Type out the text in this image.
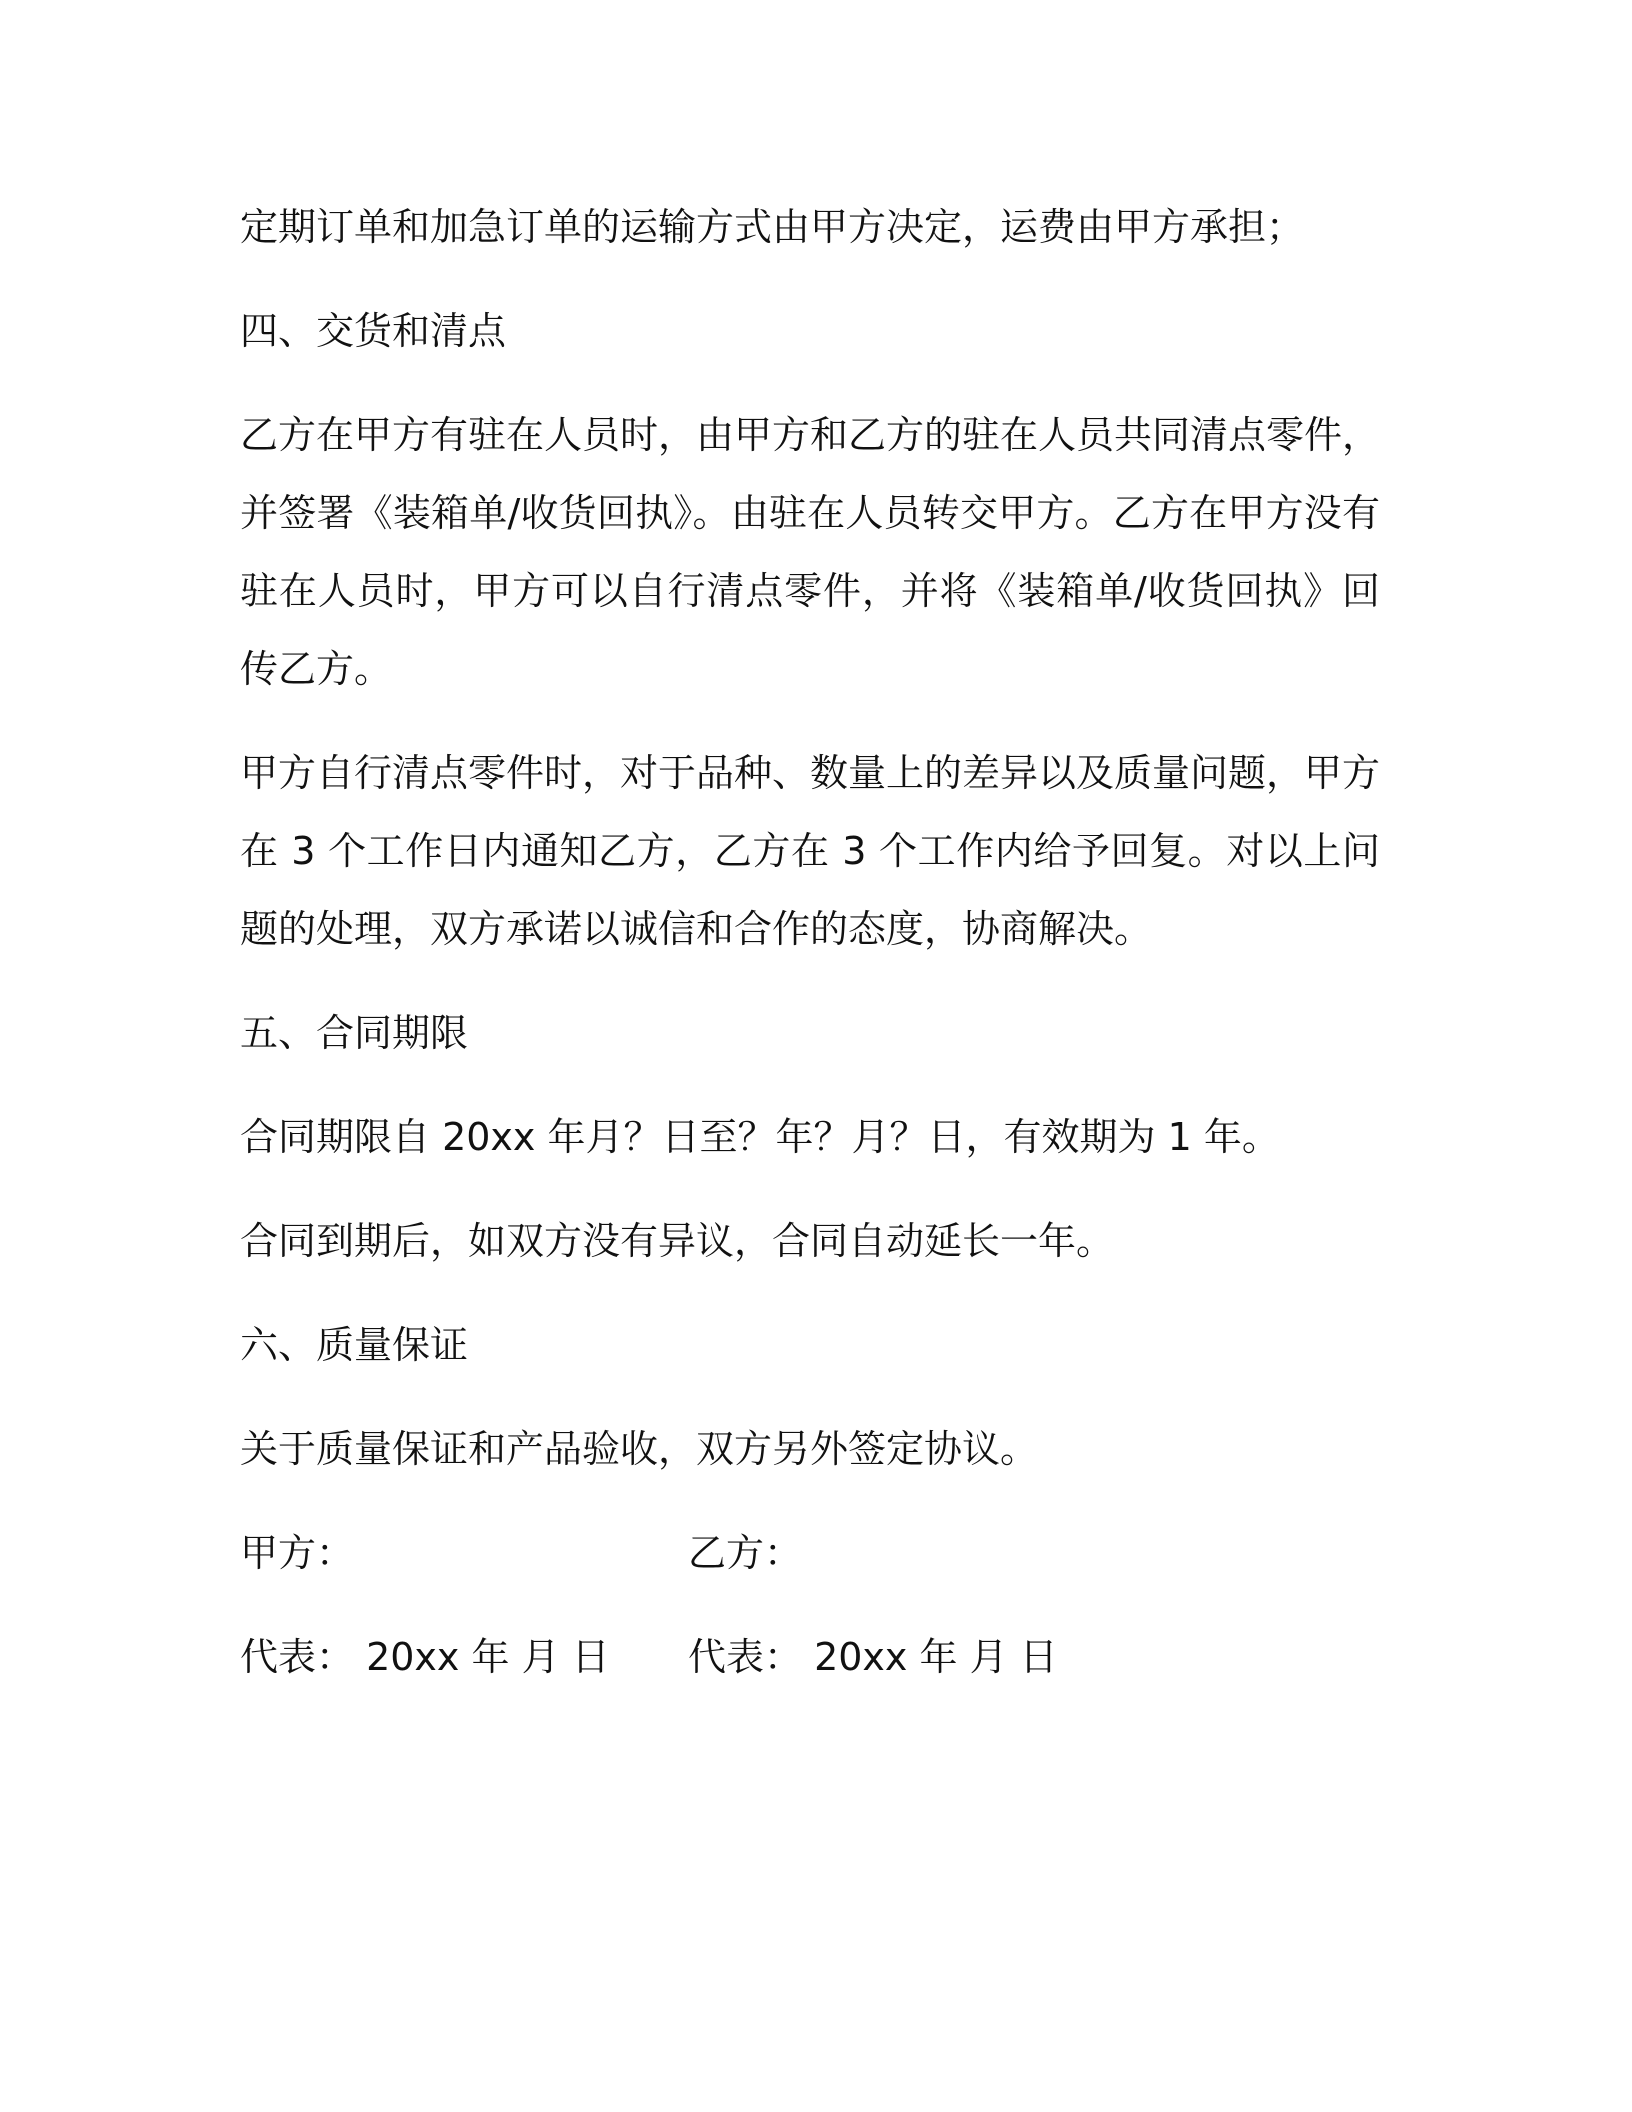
定期订单和加急订单的运输方式由甲方决定，运费由甲方承担；

四、交货和清点

乙方在甲方有驻在人员时，由甲方和乙方的驻在人员共同清点零件，并签署《装箱单/收货回执》。由驻在人员转交甲方。乙方在甲方没有驻在人员时，甲方可以自行清点零件，并将《装箱单/收货回执》回传乙方。

甲方自行清点零件时，对于品种、数量上的差异以及质量问题，甲方在 3 个工作日内通知乙方，乙方在 3 个工作内给予回复。对以上问题的处理，双方承诺以诚信和合作的态度，协商解决。

五、合同期限

合同期限自 20xx 年月？日至？年？月？日，有效期为 1 年。

合同到期后，如双方没有异议，合同自动延长一年。

六、质量保证

关于质量保证和产品验收，双方另外签定协议。

甲方：	乙方：
代表： 20xx 年 月 日	代表： 20xx 年 月 日
